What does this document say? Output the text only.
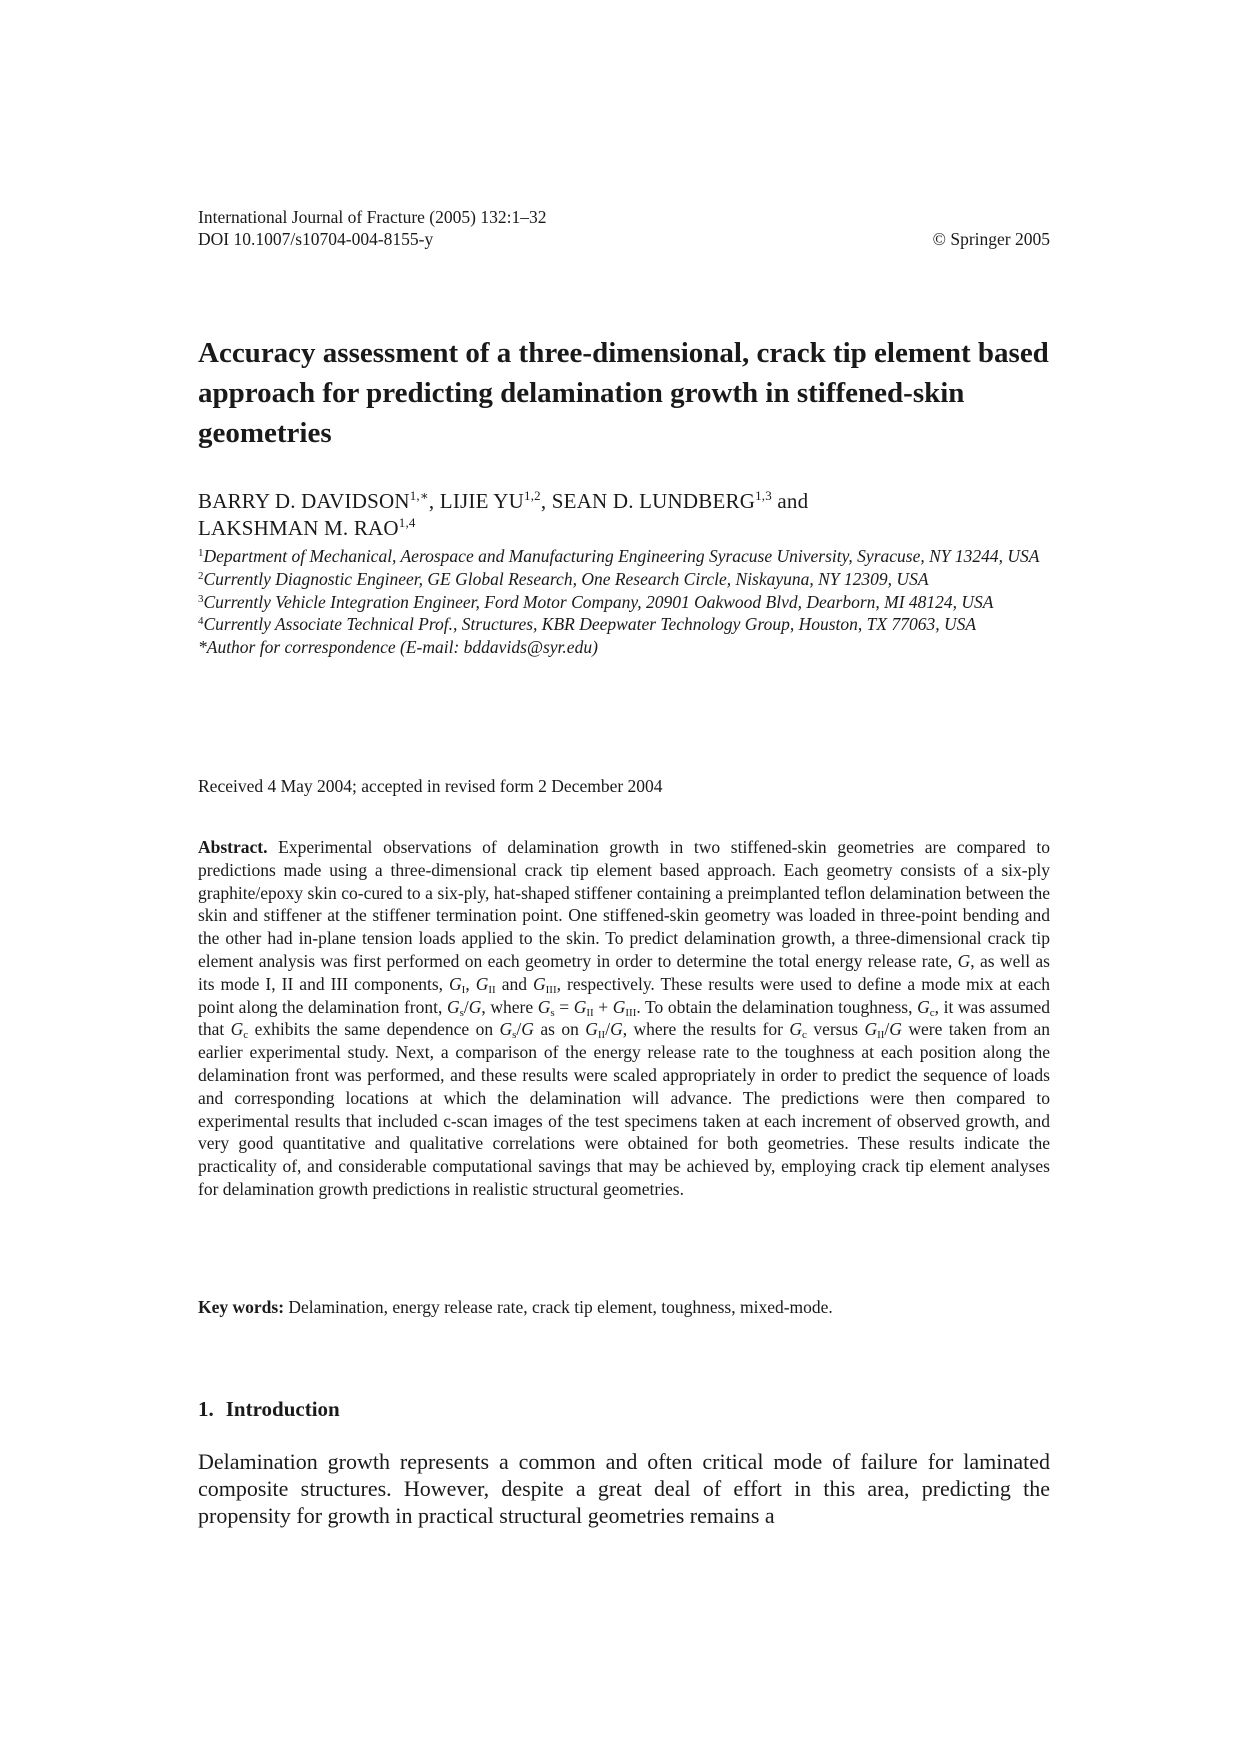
International Journal of Fracture (2005) 132:1–32
DOI 10.1007/s10704-004-8155-y	© Springer 2005
Accuracy assessment of a three-dimensional, crack tip element based approach for predicting delamination growth in stiffened-skin geometries
BARRY D. $DAVIDSON^{1,∗}$, LIJIE YU$^{1,2}$, SEAN D. LUNDBERG$^{1,3}$ and
LAKSHMAN M. RAO$^{1,4}$

$^1$Department of Mechanical, Aerospace and Manufacturing Engineering Syracuse University, Syracuse, NY 13244, USA

$^2$Currently Diagnostic Engineer, GE Global Research, One Research Circle, Niskayuna, NY 12309, USA

$^3$Currently Vehicle Integration Engineer, Ford Motor Company, 20901 Oakwood Blvd, Dearborn, MI 48124, USA

$^4$Currently Associate Technical Prof., Structures, KBR Deepwater Technology Group, Houston, TX 77063, USA

*Author for correspondence (E-mail: bddavids@syr.edu)

Received 4 May 2004; accepted in revised form 2 December 2004

Abstract. Experimental observations of delamination growth in two stiffened-skin geometries are compared to predictions made using a three-dimensional crack tip element based approach. Each geometry consists of a six-ply graphite/epoxy skin co-cured to a six-ply, hat-shaped stiffener containing a preimplanted teflon delamination between the skin and stiffener at the stiffener termination point. One stiffened-skin geometry was loaded in three-point bending and the other had in-plane tension loads applied to the skin. To predict delamination growth, a three-dimensional crack tip element analysis was first performed on each geometry in order to determine the total energy release rate, G, as well as its mode I, II and III components, $G_I$, $G_{II}$ and $G_{III}$, respectively. These results were used to define a mode mix at each point along the delamination front, $G_s/G$, where $G_s = G_{II} + G_{III}$. To obtain the delamination toughness, $G_c$, it was assumed that $G_c$ exhibits the same dependence on $G_s/G$ as on $G_{II}/G$, where the results for $G_c$ versus $G_{II}/G$ were taken from an earlier experimental study. Next, a comparison of the energy release rate to the toughness at each position along the delamination front was performed, and these results were scaled appropriately in order to predict the sequence of loads and corresponding locations at which the delamination will advance. The predictions were then compared to experimental results that included c-scan images of the test specimens taken at each increment of observed growth, and very good quantitative and qualitative correlations were obtained for both geometries. These results indicate the practicality of, and considerable computational savings that may be achieved by, employing crack tip element analyses for delamination growth predictions in realistic structural geometries.

Key words: Delamination, energy release rate, crack tip element, toughness, mixed-mode.
1. Introduction

Delamination growth represents a common and often critical mode of failure for laminated composite structures. However, despite a great deal of effort in this area, predicting the propensity for growth in practical structural geometries remains a
